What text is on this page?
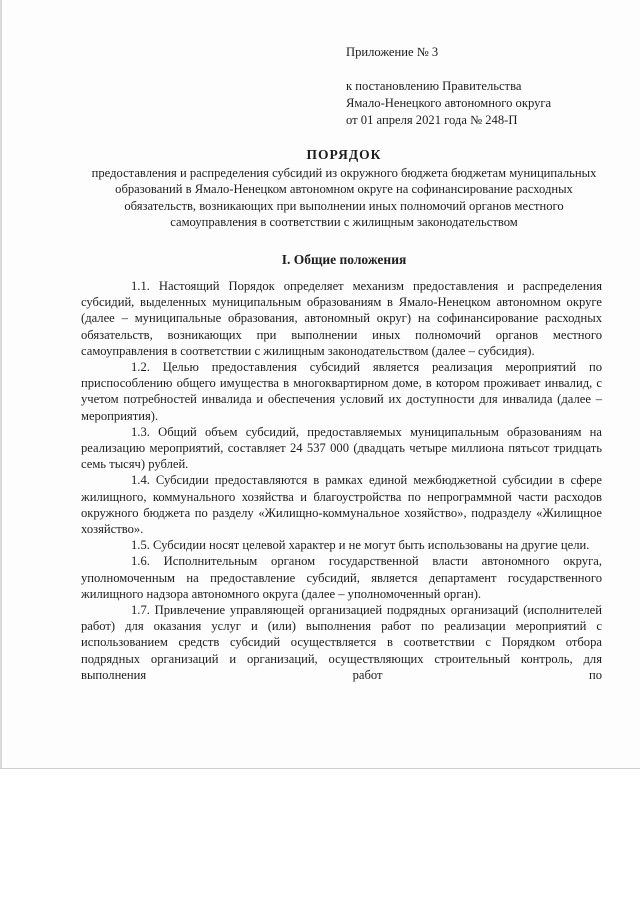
Приложение № 3
к постановлению Правительства
Ямало-Ненецкого автономного округа
от 01 апреля 2021 года № 248-П
ПОРЯДОК
предоставления и распределения субсидий из окружного бюджета бюджетам муниципальных образований в Ямало-Ненецком автономном округе на софинансирование расходных обязательств, возникающих при выполнении иных полномочий органов местного самоуправления в соответствии с жилищным законодательством
I. Общие положения

1.1. Настоящий Порядок определяет механизм предоставления и распределения субсидий, выделенных муниципальным образованиям в Ямало-Ненецком автономном округе (далее – муниципальные образования, автономный округ) на софинансирование расходных обязательств, возникающих при выполнении иных полномочий органов местного самоуправления в соответствии с жилищным законодательством (далее – субсидия).

1.2. Целью предоставления субсидий является реализация мероприятий по приспособлению общего имущества в многоквартирном доме, в котором проживает инвалид, с учетом потребностей инвалида и обеспечения условий их доступности для инвалида (далее – мероприятия).

1.3. Общий объем субсидий, предоставляемых муниципальным образованиям на реализацию мероприятий, составляет 24 537 000 (двадцать четыре миллиона пятьсот тридцать семь тысяч) рублей.

1.4. Субсидии предоставляются в рамках единой межбюджетной субсидии в сфере жилищного, коммунального хозяйства и благоустройства по непрограммной части расходов окружного бюджета по разделу «Жилищно-коммунальное хозяйство», подразделу «Жилищное хозяйство».

1.5. Субсидии носят целевой характер и не могут быть использованы на другие цели.

1.6. Исполнительным органом государственной власти автономного округа, уполномоченным на предоставление субсидий, является департамент государственного жилищного надзора автономного округа (далее – уполномоченный орган).

1.7. Привлечение управляющей организацией подрядных организаций (исполнителей работ) для оказания услуг и (или) выполнения работ по реализации мероприятий с использованием средств субсидий осуществляется в соответствии с Порядком отбора подрядных организаций и организаций, осуществляющих строительный контроль, для выполнения работ по
